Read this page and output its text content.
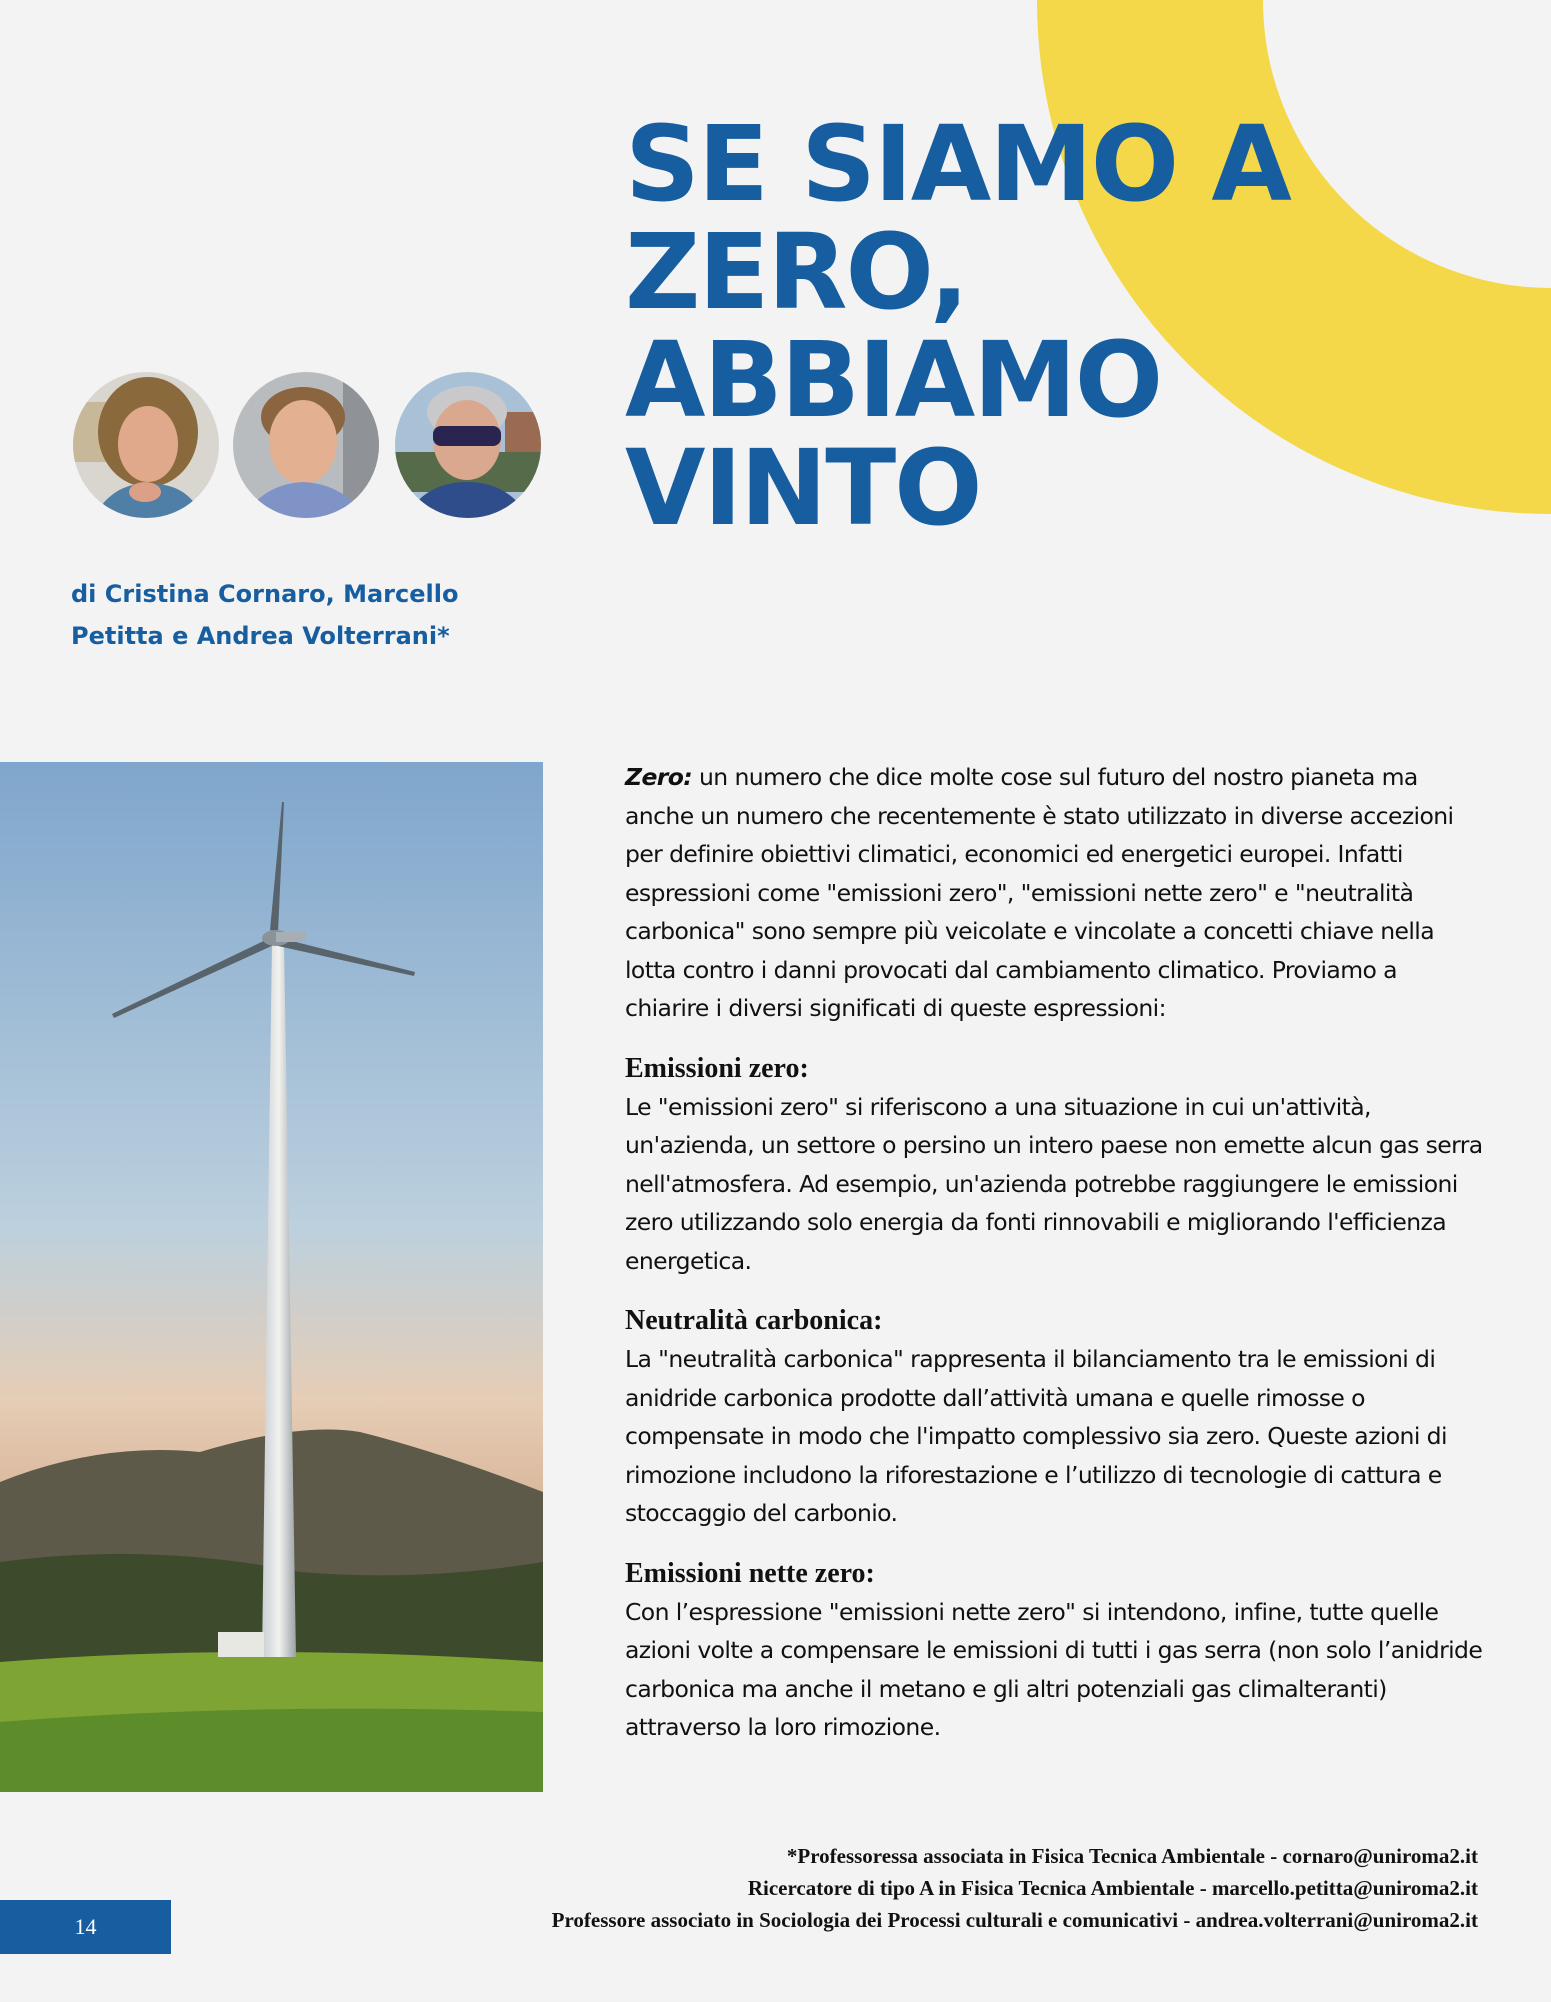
SE SIAMO A
ZERO,
ABBIAMO
VINTO

di Cristina Cornaro, Marcello Petitta e Andrea Volterrani*

Zero: un numero che dice molte cose sul futuro del nostro pianeta ma anche un numero che recentemente è stato utilizzato in diverse accezioni per definire obiettivi climatici, economici ed energetici europei. Infatti espressioni come "emissioni zero", "emissioni nette zero" e "neutralità carbonica" sono sempre più veicolate e vincolate a concetti chiave nella lotta contro i danni provocati dal cambiamento climatico. Proviamo a chiarire i diversi significati di queste espressioni:

Emissioni zero:

Le "emissioni zero" si riferiscono a una situazione in cui un'attività, un'azienda, un settore o persino un intero paese non emette alcun gas serra nell'atmosfera. Ad esempio, un'azienda potrebbe raggiungere le emissioni zero utilizzando solo energia da fonti rinnovabili e migliorando l'efficienza energetica.

Neutralità carbonica:

La "neutralità carbonica" rappresenta il bilanciamento tra le emissioni di anidride carbonica prodotte dall’attività umana e quelle rimosse o compensate in modo che l'impatto complessivo sia zero. Queste azioni di rimozione includono la riforestazione e l’utilizzo di tecnologie di cattura e stoccaggio del carbonio.

Emissioni nette zero:

Con l’espressione "emissioni nette zero" si intendono, infine, tutte quelle azioni volte a compensare le emissioni di tutti i gas serra (non solo l’anidride carbonica ma anche il metano e gli altri potenziali gas climalteranti) attraverso la loro rimozione.

*Professoressa associata in Fisica Tecnica Ambientale - cornaro@uniroma2.it
Ricercatore di tipo A in Fisica Tecnica Ambientale - marcello.petitta@uniroma2.it
Professore associato in Sociologia dei Processi culturali e comunicativi - andrea.volterrani@uniroma2.it
14
